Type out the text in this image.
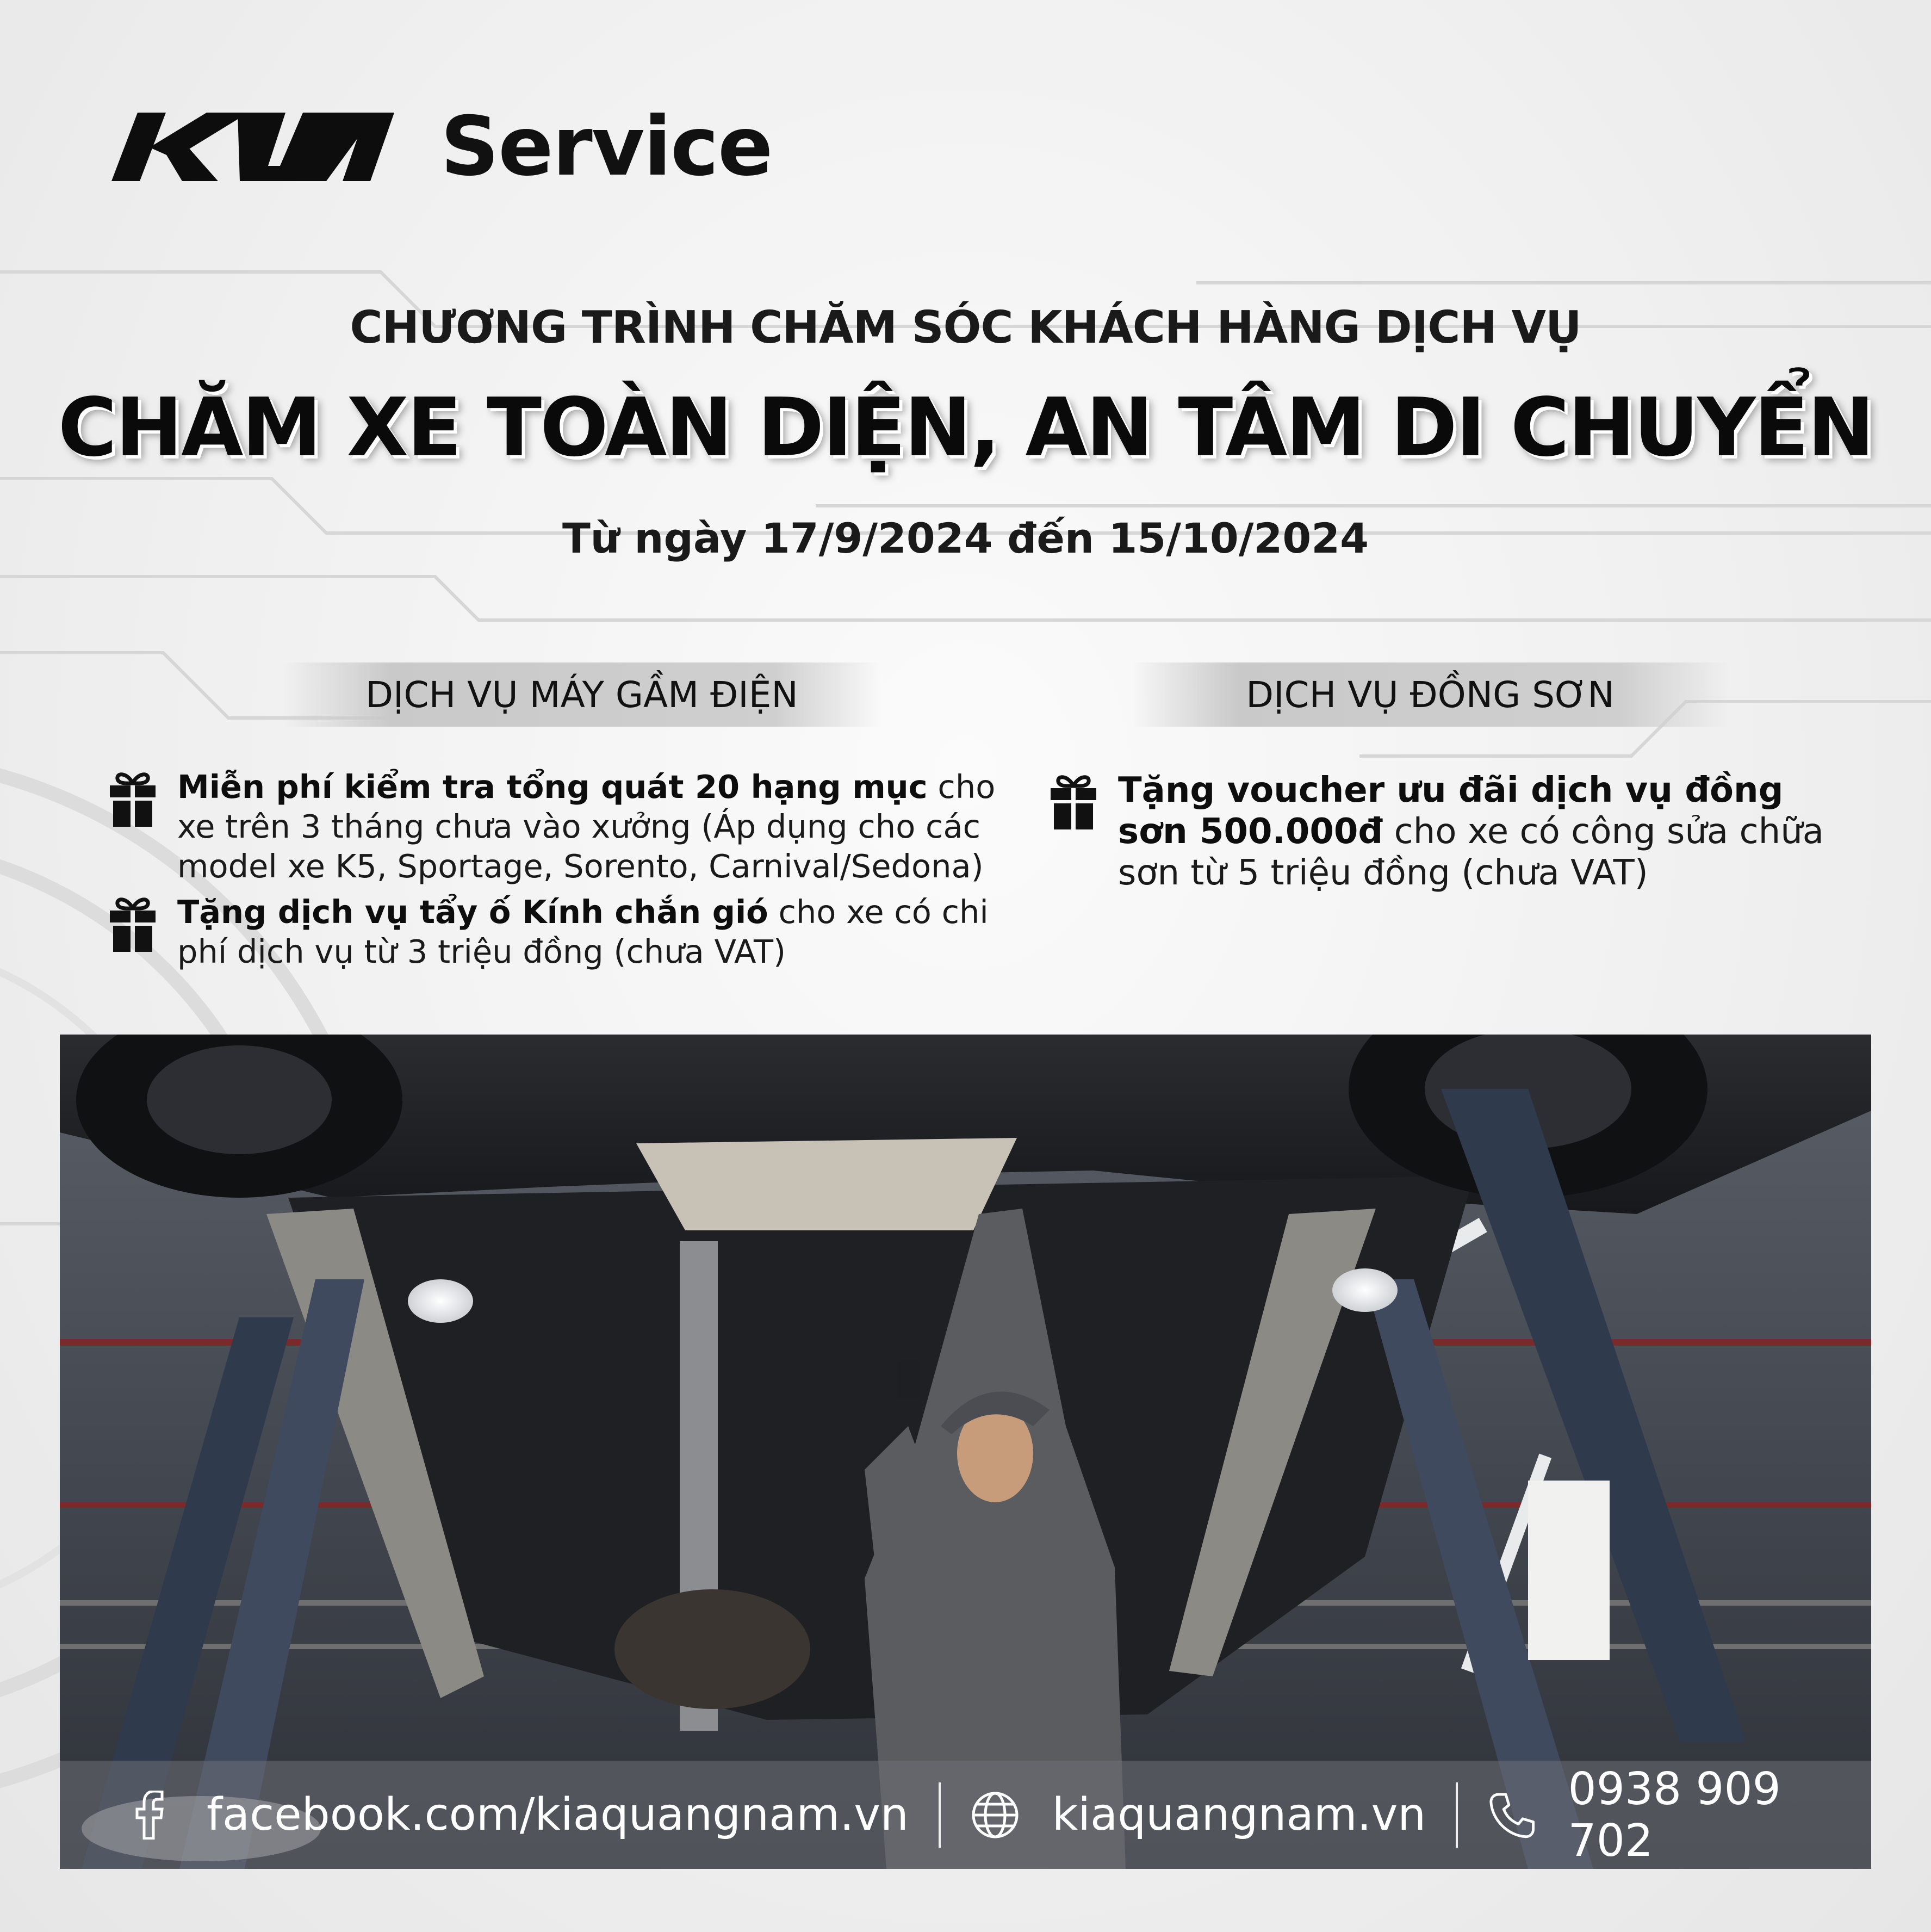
Service
CHƯƠNG TRÌNH CHĂM SÓC KHÁCH HÀNG DỊCH VỤ
CHĂM XE TOÀN DIỆN, AN TÂM DI CHUYỂN
Từ ngày 17/9/2024 đến 15/10/2024
DỊCH VỤ MÁY GẦM ĐIỆN	DỊCH VỤ ĐỒNG SƠN
Miễn phí kiểm tra tổng quát 20 hạng mục cho xe trên 3 tháng chưa vào xưởng (Áp dụng cho các model xe K5, Sportage, Sorento, Carnival/Sedona)
Tặng dịch vụ tẩy ố Kính chắn gió cho xe có chi phí dịch vụ từ 3 triệu đồng (chưa VAT)
Tặng voucher ưu đãi dịch vụ đồng sơn 500.000đ cho xe có công sửa chữa sơn từ 5 triệu đồng (chưa VAT)
facebook.com/kiaquangnam.vn	kiaquangnam.vn	0938 909 702
